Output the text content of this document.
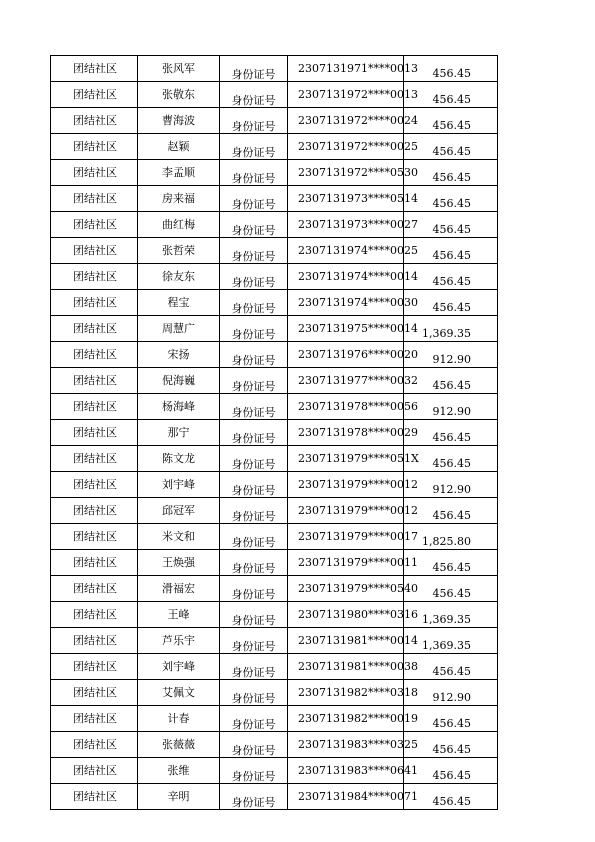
团结社区	张风军	身份证号	2307131971****0013	456.45
团结社区	张敬东	身份证号	2307131972****0013	456.45
团结社区	曹海波	身份证号	2307131972****0024	456.45
团结社区	赵颖	身份证号	2307131972****0025	456.45
团结社区	李孟顺	身份证号	2307131972****0530	456.45
团结社区	房来福	身份证号	2307131973****0514	456.45
团结社区	曲红梅	身份证号	2307131973****0027	456.45
团结社区	张哲荣	身份证号	2307131974****0025	456.45
团结社区	徐友东	身份证号	2307131974****0014	456.45
团结社区	程宝	身份证号	2307131974****0030	456.45
团结社区	周慧广	身份证号	2307131975****0014	1,369.35
团结社区	宋扬	身份证号	2307131976****0020	912.90
团结社区	倪海巍	身份证号	2307131977****0032	456.45
团结社区	杨海峰	身份证号	2307131978****0056	912.90
团结社区	那宁	身份证号	2307131978****0029	456.45
团结社区	陈文龙	身份证号	2307131979****051X	456.45
团结社区	刘宇峰	身份证号	2307131979****0012	912.90
团结社区	邱冠军	身份证号	2307131979****0012	456.45
团结社区	米文和	身份证号	2307131979****0017	1,825.80
团结社区	王焕强	身份证号	2307131979****0011	456.45
团结社区	滑福宏	身份证号	2307131979****0540	456.45
团结社区	王峰	身份证号	2307131980****0316	1,369.35
团结社区	芦乐宇	身份证号	2307131981****0014	1,369.35
团结社区	刘宇峰	身份证号	2307131981****0038	456.45
团结社区	艾佩文	身份证号	2307131982****0318	912.90
团结社区	计春	身份证号	2307131982****0019	456.45
团结社区	张薇薇	身份证号	2307131983****0325	456.45
团结社区	张维	身份证号	2307131983****0641	456.45
团结社区	辛明	身份证号	2307131984****0071	456.45
